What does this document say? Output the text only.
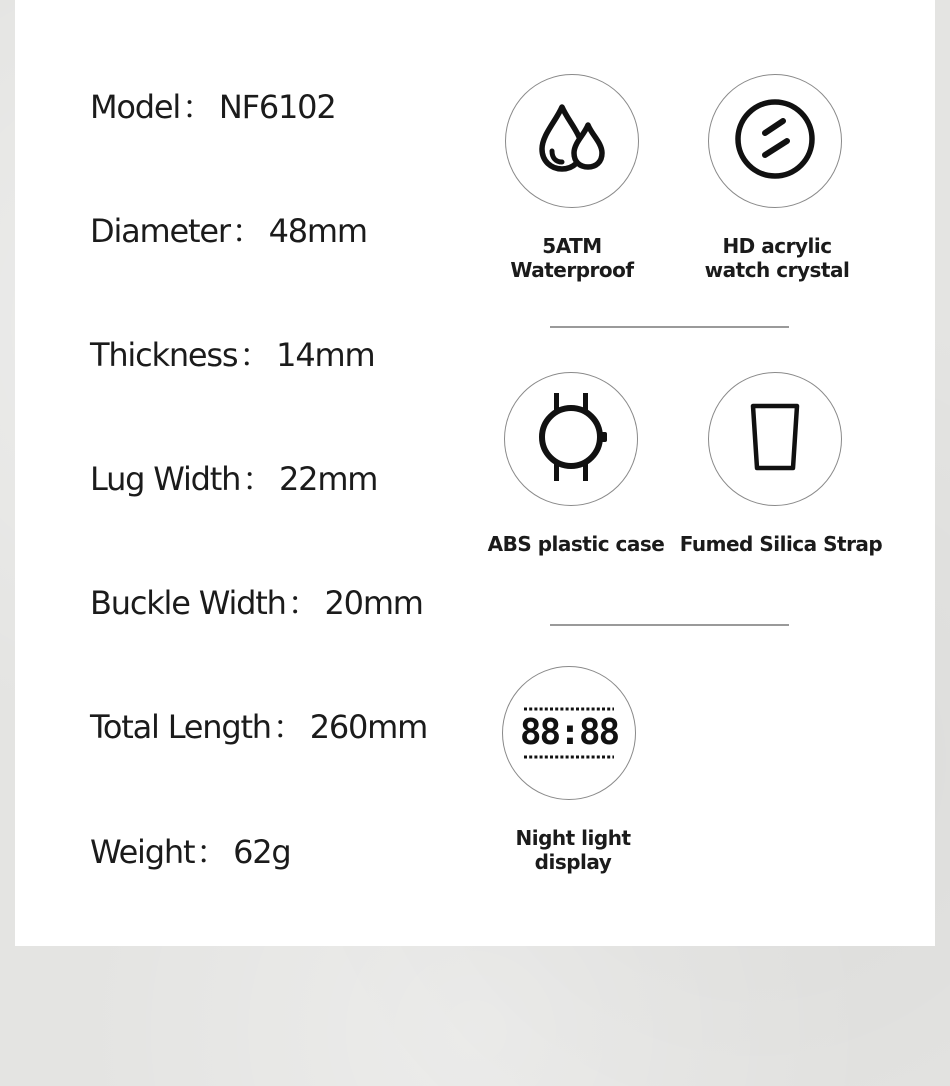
Model： NF6102

Diameter： 48mm

Thickness： 14mm

Lug Width： 22mm

Buckle Width： 20mm

Total Length： 260mm

Weight： 62g

5ATM
Waterproof
HD acrylic
watch crystal
ABS plastic case Fumed Silica Strap
88:88
Night light
display
